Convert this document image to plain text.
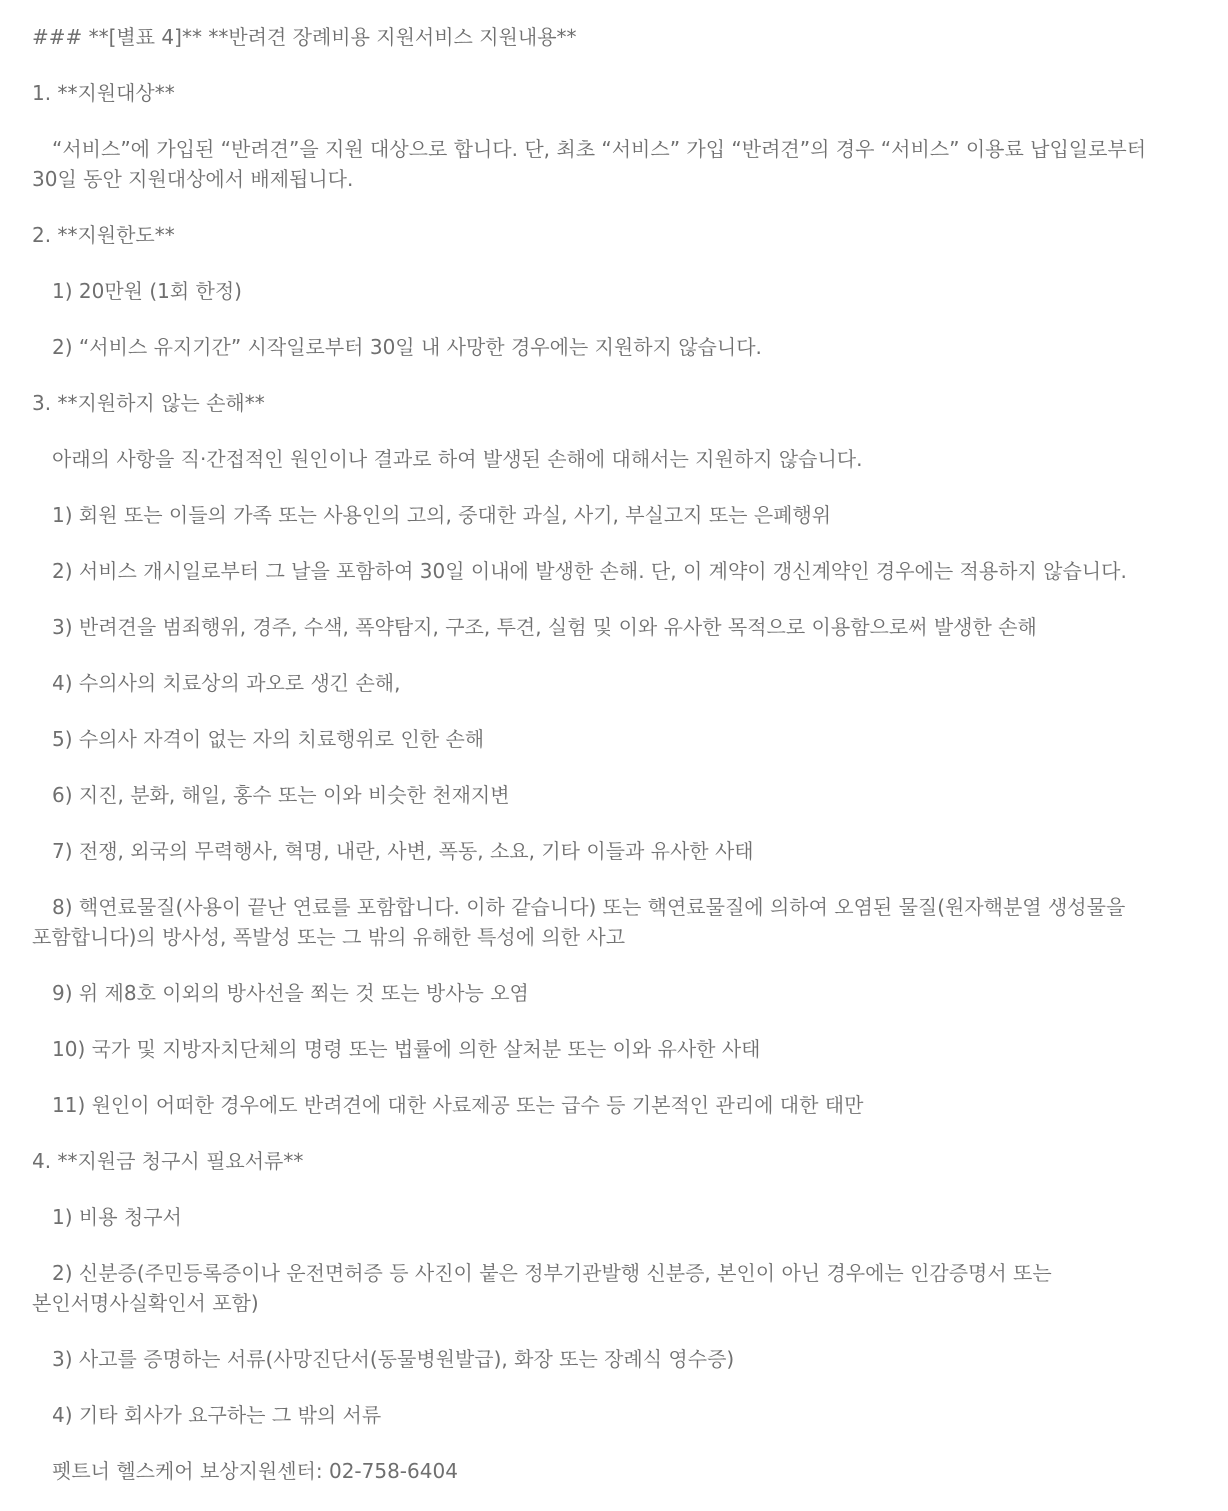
### **[별표 4]** **반려견 장례비용 지원서비스 지원내용**
1. **지원대상**
“서비스”에 가입된 “반려견”을 지원 대상으로 합니다. 단, 최초 “서비스” 가입 “반려견”의 경우 “서비스” 이용료 납입일로부터 30일 동안 지원대상에서 배제됩니다.
2. **지원한도**
1) 20만원 (1회 한정)
2) “서비스 유지기간” 시작일로부터 30일 내 사망한 경우에는 지원하지 않습니다.
3. **지원하지 않는 손해**
아래의 사항을 직·간접적인 원인이나 결과로 하여 발생된 손해에 대해서는 지원하지 않습니다.
1) 회원 또는 이들의 가족 또는 사용인의 고의, 중대한 과실, 사기, 부실고지 또는 은폐행위
2) 서비스 개시일로부터 그 날을 포함하여 30일 이내에 발생한 손해. 단, 이 계약이 갱신계약인 경우에는 적용하지 않습니다.
3) 반려견을 범죄행위, 경주, 수색, 폭약탐지, 구조, 투견, 실험 및 이와 유사한 목적으로 이용함으로써 발생한 손해
4) 수의사의 치료상의 과오로 생긴 손해,
5) 수의사 자격이 없는 자의 치료행위로 인한 손해
6) 지진, 분화, 해일, 홍수 또는 이와 비슷한 천재지변
7) 전쟁, 외국의 무력행사, 혁명, 내란, 사변, 폭동, 소요, 기타 이들과 유사한 사태
8) 핵연료물질(사용이 끝난 연료를 포함합니다. 이하 같습니다) 또는 핵연료물질에 의하여 오염된 물질(원자핵분열 생성물을 포함합니다)의 방사성, 폭발성 또는 그 밖의 유해한 특성에 의한 사고
9) 위 제8호 이외의 방사선을 쬐는 것 또는 방사능 오염
10) 국가 및 지방자치단체의 명령 또는 법률에 의한 살처분 또는 이와 유사한 사태
11) 원인이 어떠한 경우에도 반려견에 대한 사료제공 또는 급수 등 기본적인 관리에 대한 태만
4. **지원금 청구시 필요서류**
1) 비용 청구서
2) 신분증(주민등록증이나 운전면허증 등 사진이 붙은 정부기관발행 신분증, 본인이 아닌 경우에는 인감증명서 또는 본인서명사실확인서 포함)
3) 사고를 증명하는 서류(사망진단서(동물병원발급), 화장 또는 장례식 영수증)
4) 기타 회사가 요구하는 그 밖의 서류
펫트너 헬스케어 보상지원센터: 02-758-6404
